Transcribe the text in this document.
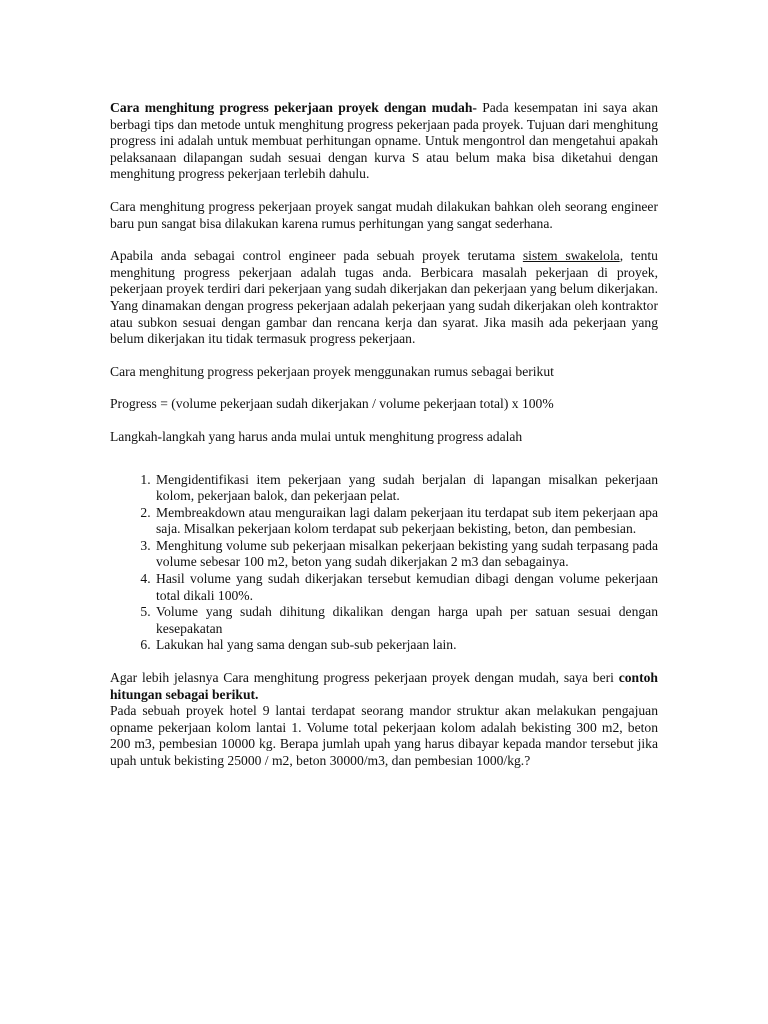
Cara menghitung progress pekerjaan proyek dengan mudah- Pada kesempatan ini saya akan berbagi tips dan metode untuk menghitung progress pekerjaan pada proyek. Tujuan dari menghitung progress ini adalah untuk membuat perhitungan opname. Untuk mengontrol dan mengetahui apakah pelaksanaan dilapangan sudah sesuai dengan kurva S atau belum maka bisa diketahui dengan menghitung progress pekerjaan terlebih dahulu.

Cara menghitung progress pekerjaan proyek sangat mudah dilakukan bahkan oleh seorang engineer baru pun sangat bisa dilakukan karena rumus perhitungan yang sangat sederhana.

Apabila anda sebagai control engineer pada sebuah proyek terutama sistem swakelola, tentu menghitung progress pekerjaan adalah tugas anda. Berbicara masalah pekerjaan di proyek, pekerjaan proyek terdiri dari pekerjaan yang sudah dikerjakan dan pekerjaan yang belum dikerjakan. Yang dinamakan dengan progress pekerjaan adalah pekerjaan yang sudah dikerjakan oleh kontraktor atau subkon sesuai dengan gambar dan rencana kerja dan syarat. Jika masih ada pekerjaan yang belum dikerjakan itu tidak termasuk progress pekerjaan.

Cara menghitung progress pekerjaan proyek menggunakan rumus sebagai berikut

Progress = (volume pekerjaan sudah dikerjakan / volume pekerjaan total) x 100%

Langkah-langkah yang harus anda mulai untuk menghitung progress adalah

1. Mengidentifikasi item pekerjaan yang sudah berjalan di lapangan misalkan pekerjaan kolom, pekerjaan balok, dan pekerjaan pelat.
2. Membreakdown atau menguraikan lagi dalam pekerjaan itu terdapat sub item pekerjaan apa saja. Misalkan pekerjaan kolom terdapat sub pekerjaan bekisting, beton, dan pembesian.
3. Menghitung volume sub pekerjaan misalkan pekerjaan bekisting yang sudah terpasang pada volume sebesar 100 m2, beton yang sudah dikerjakan 2 m3 dan sebagainya.
4. Hasil volume yang sudah dikerjakan tersebut kemudian dibagi dengan volume pekerjaan total dikali 100%.
5. Volume yang sudah dihitung dikalikan dengan harga upah per satuan sesuai dengan kesepakatan
6. Lakukan hal yang sama dengan sub-sub pekerjaan lain.

Agar lebih jelasnya Cara menghitung progress pekerjaan proyek dengan mudah, saya beri contoh hitungan sebagai berikut.
Pada sebuah proyek hotel 9 lantai terdapat seorang mandor struktur akan melakukan pengajuan opname pekerjaan kolom lantai 1. Volume total pekerjaan kolom adalah bekisting 300 m2, beton 200 m3, pembesian 10000 kg. Berapa jumlah upah yang harus dibayar kepada mandor tersebut jika upah untuk bekisting 25000 / m2, beton 30000/m3, dan pembesian 1000/kg.?
